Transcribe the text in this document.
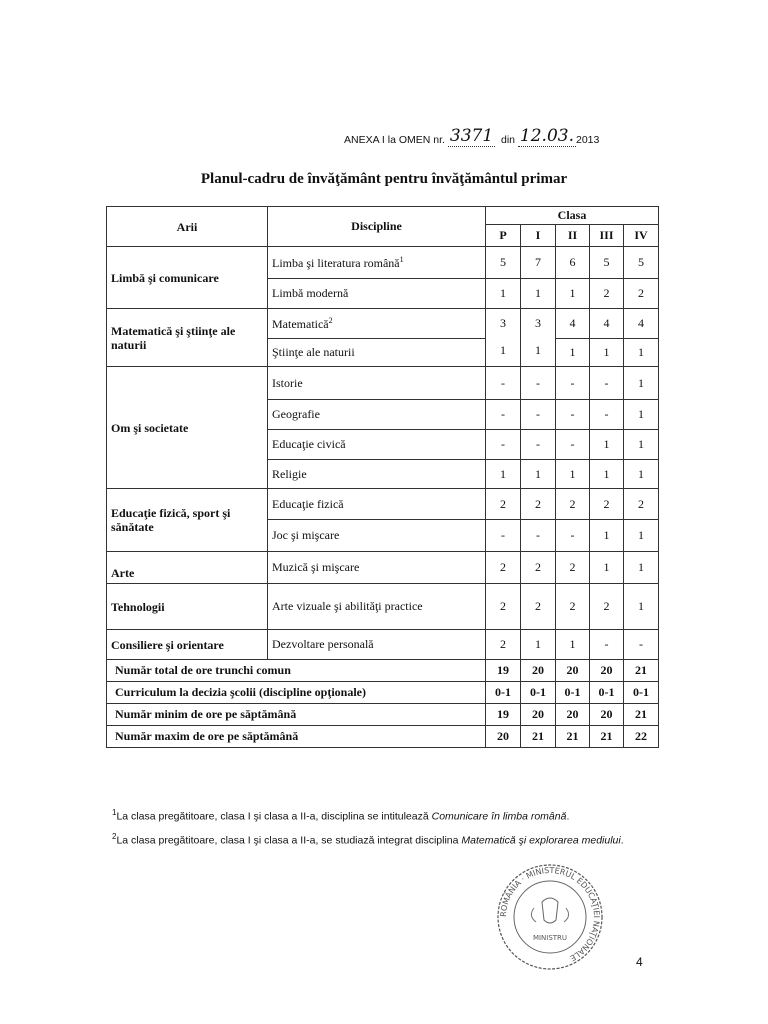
ANEXA I la OMEN nr. 3371 din 12.03. 2013
Planul-cadru de învăţământ pentru învăţământul primar
Arii	Discipline	Clasa				
		P	I	II	III	IV
Limbă şi comunicare	Limba şi literatura română$^1$	5	7	6	5	5
	Limbă modernă	1	1	1	2	2
Matematică şi ştiinţe ale naturii	Matematică$^2$	3	3	4	4	4
	Ştiinţe ale naturii	1	1	1	1	1
Om şi societate	Istorie	-	-	-	-	1
	Geografie	-	-	-	-	1
	Educaţie civică	-	-	-	1	1
	Religie	1	1	1	1	1
Educaţie fizică, sport şi sănătate	Educaţie fizică	2	2	2	2	2
	Joc şi mişcare	-	-	-	1	1
Arte	Muzică şi mişcare	2	2	2	1	1
Tehnologii	Arte vizuale şi abilităţi practice	2	2	2	2	1
Consiliere şi orientare	Dezvoltare personală	2	1	1	-	-
Număr total de ore trunchi comun		19	20	20	20	21
Curriculum la decizia şcolii (discipline opţionale)		0-1	0-1	0-1	0-1	0-1
Număr minim de ore pe săptămână		19	20	20	20	21
Număr maxim de ore pe săptămână		20	21	21	21	22

$^1$La clasa pregătitoare, clasa I şi clasa a II-a, disciplina se intitulează Comunicare în limba română.

$^2$La clasa pregătitoare, clasa I şi clasa a II-a, se studiază integrat disciplina Matematică şi explorarea mediului.

ROMÂNIA · MINISTERUL EDUCAŢIEI NAŢIONALE
MINISTRU
4
